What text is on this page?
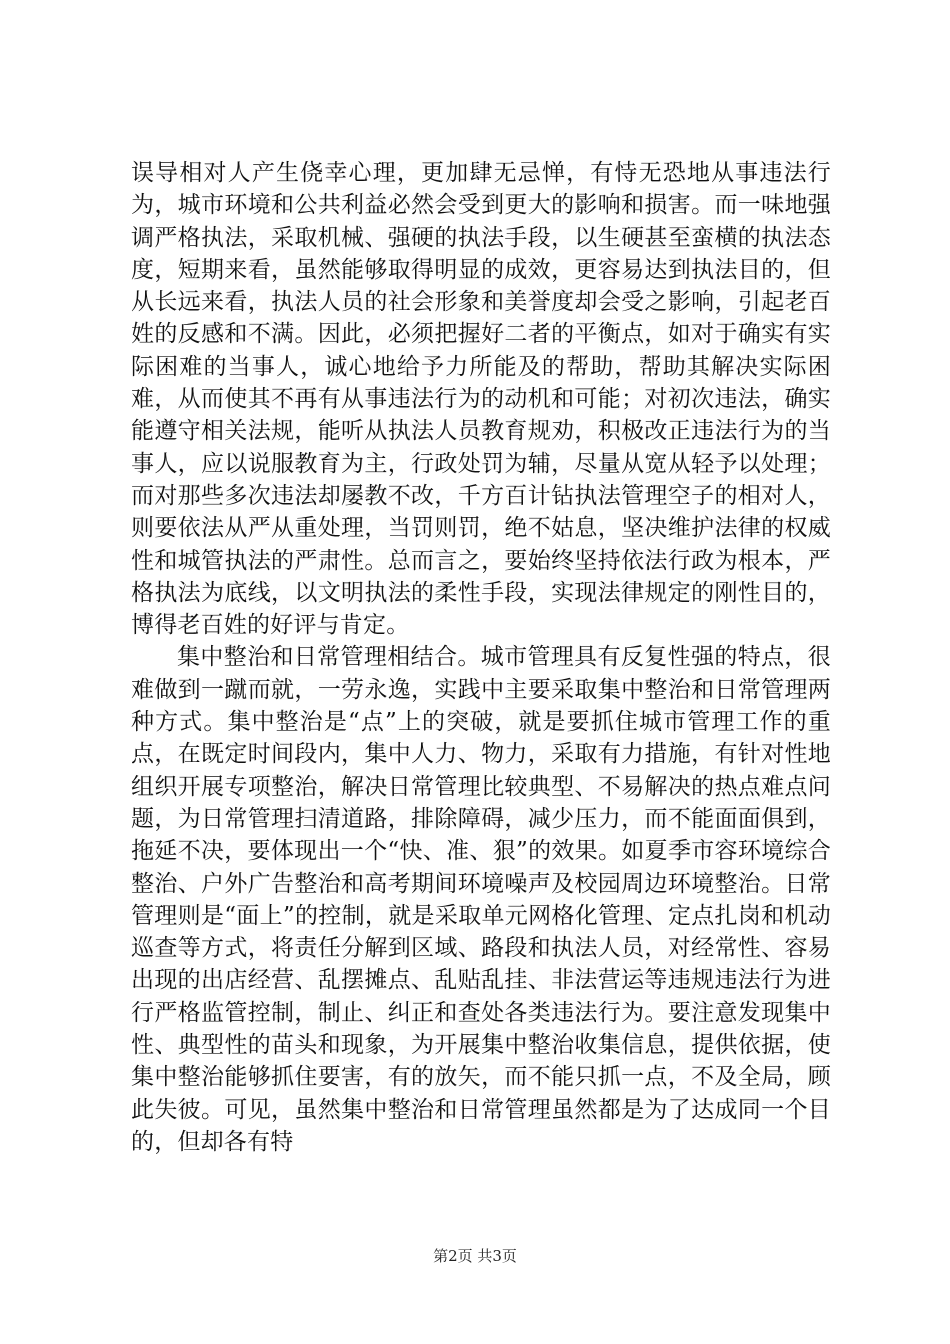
误导相对人产生侥幸心理，更加肆无忌惮，有恃无恐地从事违法行为，城市环境和公共利益必然会受到更大的影响和损害。而一味地强调严格执法，采取机械、强硬的执法手段，以生硬甚至蛮横的执法态度，短期来看，虽然能够取得明显的成效，更容易达到执法目的，但从长远来看，执法人员的社会形象和美誉度却会受之影响，引起老百姓的反感和不满。因此，必须把握好二者的平衡点，如对于确实有实际困难的当事人，诚心地给予力所能及的帮助，帮助其解决实际困难，从而使其不再有从事违法行为的动机和可能；对初次违法，确实能遵守相关法规，能听从执法人员教育规劝，积极改正违法行为的当事人，应以说服教育为主，行政处罚为辅，尽量从宽从轻予以处理；而对那些多次违法却屡教不改，千方百计钻执法管理空子的相对人，则要依法从严从重处理，当罚则罚，绝不姑息，坚决维护法律的权威性和城管执法的严肃性。总而言之，要始终坚持依法行政为根本，严格执法为底线，以文明执法的柔性手段，实现法律规定的刚性目的，博得老百姓的好评与肯定。

集中整治和日常管理相结合。城市管理具有反复性强的特点，很难做到一蹴而就，一劳永逸，实践中主要采取集中整治和日常管理两种方式。集中整治是“点”上的突破，就是要抓住城市管理工作的重点，在既定时间段内，集中人力、物力，采取有力措施，有针对性地组织开展专项整治，解决日常管理比较典型、不易解决的热点难点问题，为日常管理扫清道路，排除障碍，减少压力，而不能面面俱到，拖延不决，要体现出一个“快、准、狠”的效果。如夏季市容环境综合整治、户外广告整治和高考期间环境噪声及校园周边环境整治。日常管理则是“面上”的控制，就是采取单元网格化管理、定点扎岗和机动巡查等方式，将责任分解到区域、路段和执法人员，对经常性、容易出现的出店经营、乱摆摊点、乱贴乱挂、非法营运等违规违法行为进行严格监管控制，制止、纠正和查处各类违法行为。要注意发现集中性、典型性的苗头和现象，为开展集中整治收集信息，提供依据，使集中整治能够抓住要害，有的放矢，而不能只抓一点，不及全局，顾此失彼。可见，虽然集中整治和日常管理虽然都是为了达成同一个目的，但却各有特

第2页 共3页
